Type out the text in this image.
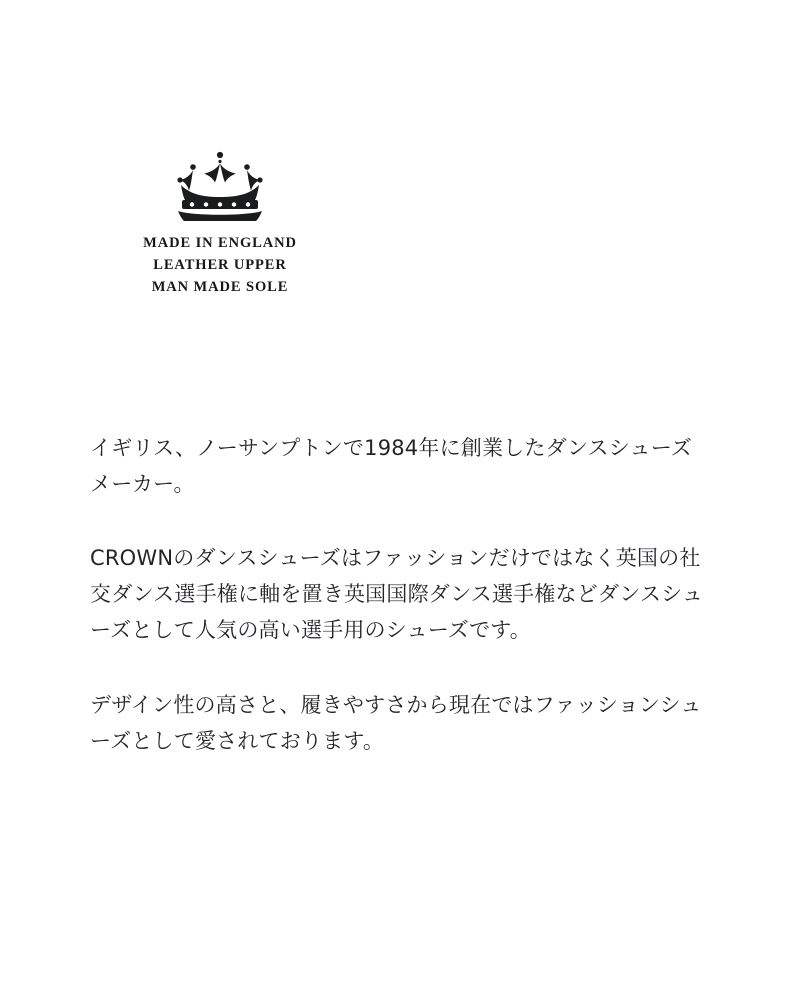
MADE IN ENGLAND
LEATHER UPPER
MAN MADE SOLE

イギリス、ノーサンプトンで1984年に創業したダンスシューズメーカー。

CROWNのダンスシューズはファッションだけではなく英国の社交ダンス選手権に軸を置き英国国際ダンス選手権などダンスシューズとして人気の高い選手用のシューズです。

デザイン性の高さと、履きやすさから現在ではファッションシューズとして愛されております。
